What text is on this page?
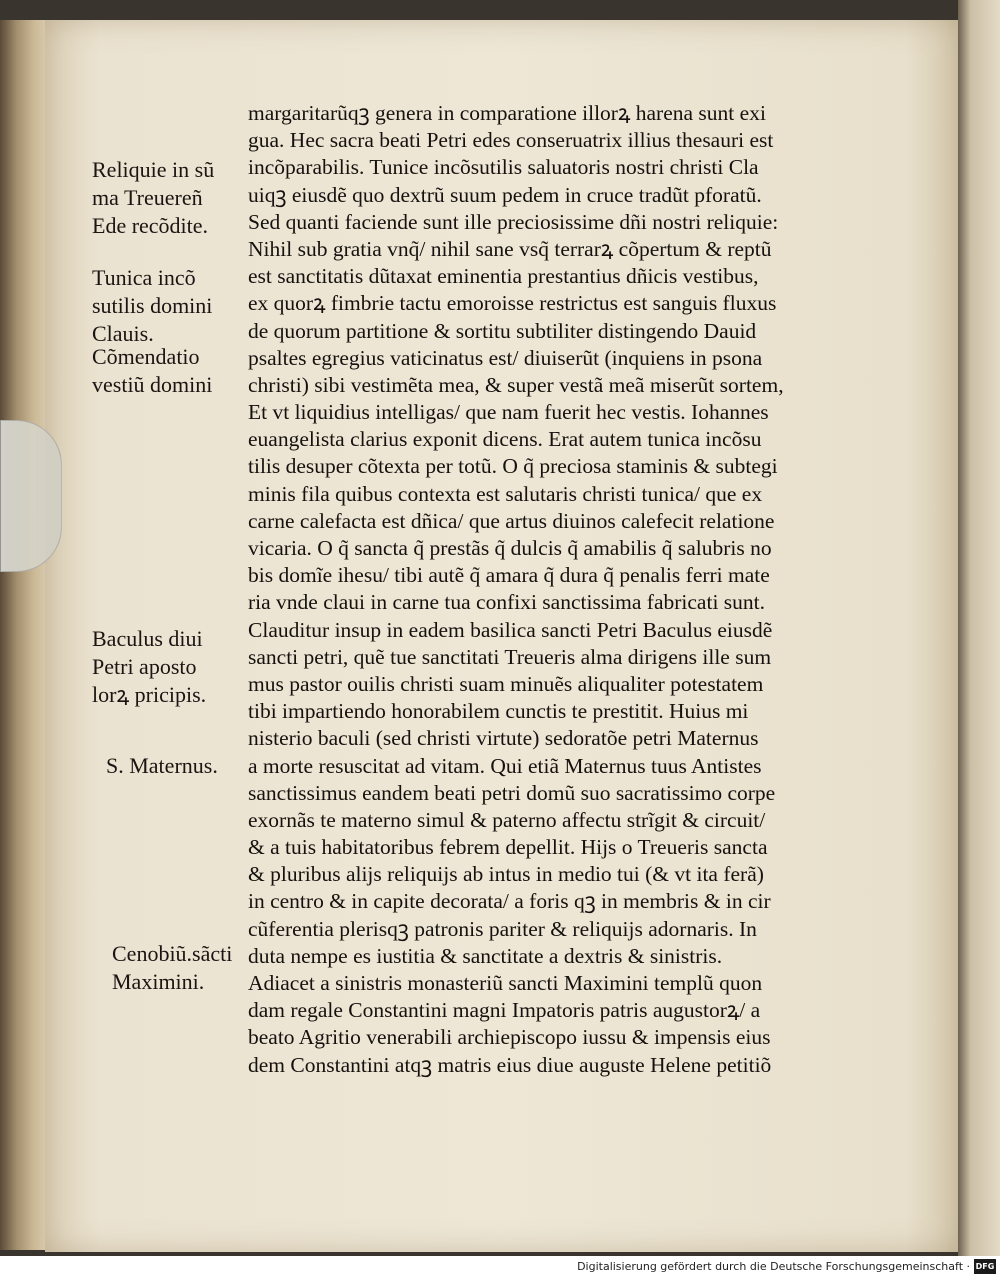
Reliquie in sũ
ma Treuereñ
Ede recõdite.
Tunica incõ
sutilis domini
Clauis.
Cõmendatio
vestiũ domini
Baculus diui
Petri aposto
lorꝝ pricipis.
S. Maternus.
Cenobiũ.sãcti
Maximini.
margaritarũqꝫ genera in comparatione illorꝝ harena sunt exi
gua. Hec sacra beati Petri edes conseruatrix illius thesauri est
incõparabilis. Tunice incõsutilis saluatoris nostri christi Cla
uiqꝫ eiusdẽ quo dextrũ suum pedem in cruce tradũt pforatũ.
Sed quanti faciende sunt ille preciosissime dñi nostri reliquie:
Nihil sub gratia vnq̃/ nihil sane vsq̃ terrarꝝ cõpertum & reptũ
est sanctitatis dũtaxat eminentia prestantius dñicis vestibus,
ex quorꝝ fimbrie tactu emoroisse restrictus est sanguis fluxus
de quorum partitione & sortitu subtiliter distingendo Dauid
psaltes egregius vaticinatus est/ diuiserũt (inquiens in psona
christi) sibi vestimẽta mea, & super vestã meã miserũt sortem,
Et vt liquidius intelligas/ que nam fuerit hec vestis. Iohannes
euangelista clarius exponit dicens. Erat autem tunica incõsu
tilis desuper cõtexta per totũ. O q̃ preciosa staminis & subtegi
minis fila quibus contexta est salutaris christi tunica/ que ex
carne calefacta est dñica/ que artus diuinos calefecit relatione
vicaria. O q̃ sancta q̃ prestãs q̃ dulcis q̃ amabilis q̃ salubris no
bis domĩe ihesu/ tibi autẽ q̃ amara q̃ dura q̃ penalis ferri mate
ria vnde claui in carne tua confixi sanctissima fabricati sunt.
Clauditur insup in eadem basilica sancti Petri Baculus eiusdẽ
sancti petri, quẽ tue sanctitati Treueris alma dirigens ille sum
mus pastor ouilis christi suam minuẽs aliqualiter potestatem
tibi impartiendo honorabilem cunctis te prestitit. Huius mi
nisterio baculi (sed christi virtute) sedoratõe petri Maternus
a morte resuscitat ad vitam. Qui etiã Maternus tuus Antistes
sanctissimus eandem beati petri domũ suo sacratissimo corpe
exornãs te materno simul & paterno affectu strĩgit & circuit/
& a tuis habitatoribus febrem depellit. Hijs o Treueris sancta
& pluribus alijs reliquijs ab intus in medio tui (& vt ita ferã)
in centro & in capite decorata/ a foris qꝫ in membris & in cir
cũferentia plerisqꝫ patronis pariter & reliquijs adornaris. In
duta nempe es iustitia & sanctitate a dextris & sinistris.
Adiacet a sinistris monasteriũ sancti Maximini templũ quon
dam regale Constantini magni Impatoris patris augustorꝝ/ a
beato Agritio venerabili archiepiscopo iussu & impensis eius
dem Constantini atqꝫ matris eius diue auguste Helene petitiõ
Digitalisierung gefördert durch die Deutsche Forschungsgemeinschaft · DFG
